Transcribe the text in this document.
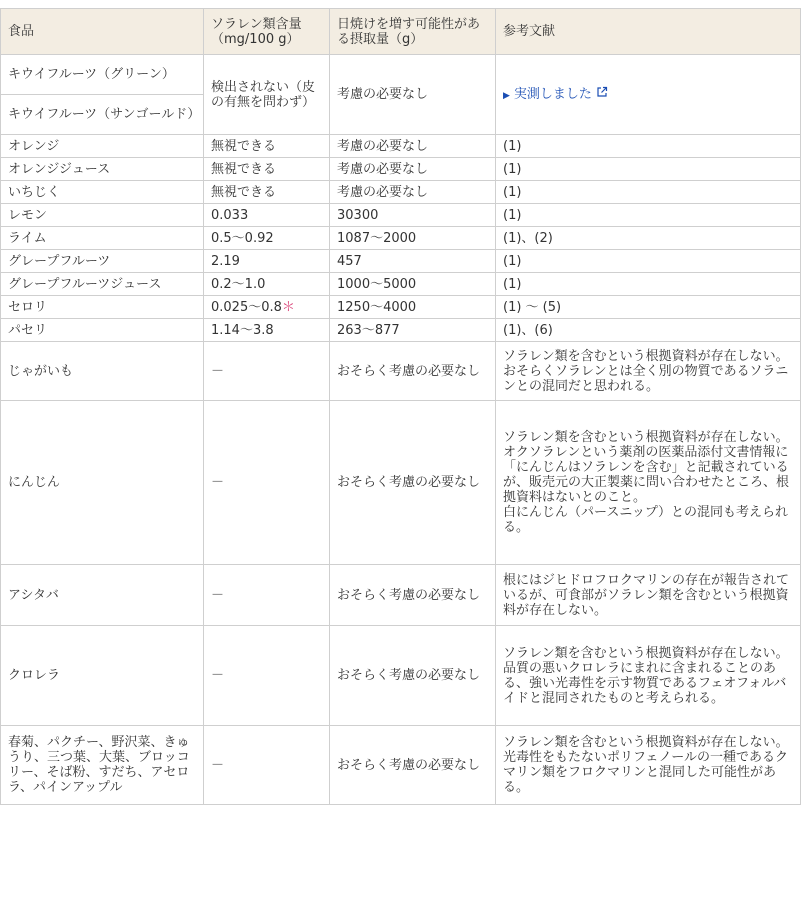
食品	ソラレン類含量（mg/100 g）	日焼けを増す可能性がある摂取量（g）	参考文献
キウイフルーツ（グリーン）	検出されない（皮の有無を問わず）	考慮の必要なし	▶ 実測しました
キウイフルーツ（サンゴールド）			
オレンジ	無視できる	考慮の必要なし	(1)

オレンジジュース	無視できる	考慮の必要なし	(1)

いちじく	無視できる	考慮の必要なし	(1)

レモン	0.033	30300	(1)

ライム	0.5～0.92	1087～2000	(1)、(2)

グレープフルーツ	2.19	457	(1)

グレープフルーツジュース	0.2～1.0	1000～5000	(1)

セロリ	0.025～0.8＊	1250～4000	(1) ～ (5)

パセリ	1.14～3.8	263～877	(1)、(6)

じゃがいも	－	おそらく考慮の必要なし	ソラレン類を含むという根拠資料が存在しない。
おそらくソラレンとは全く別の物質であるソラニンとの混同だと思われる。

にんじん	－	おそらく考慮の必要なし	ソラレン類を含むという根拠資料が存在しない。
オクソラレンという薬剤の医薬品添付文書情報に「にんじんはソラレンを含む」と記載されているが、販売元の大正製薬に問い合わせたところ、根拠資料はないとのこと。
白にんじん（パースニップ）との混同も考えられる。

アシタバ	－	おそらく考慮の必要なし	根にはジヒドロフロクマリンの存在が報告されているが、可食部がソラレン類を含むという根拠資料が存在しない。

クロレラ	－	おそらく考慮の必要なし	ソラレン類を含むという根拠資料が存在しない。
品質の悪いクロレラにまれに含まれることのある、強い光毒性を示す物質であるフェオフォルバイドと混同されたものと考えられる。

春菊、パクチー、野沢菜、きゅうり、三つ葉、大葉、ブロッコリー、そば粉、すだち、アセロラ、パインアップル	－	おそらく考慮の必要なし	ソラレン類を含むという根拠資料が存在しない。
光毒性をもたないポリフェノールの一種であるクマリン類をフロクマリンと混同した可能性がある。
